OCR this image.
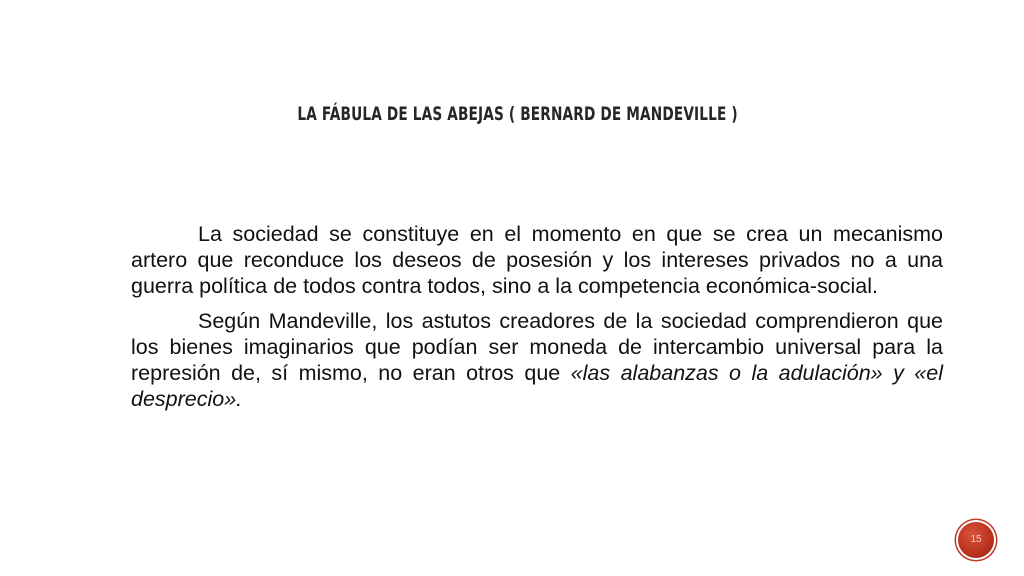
LA FÁBULA DE LAS ABEJAS ( BERNARD DE MANDEVILLE )

La sociedad se constituye en el momento en que se crea un mecanismo artero que reconduce los deseos de posesión y los intereses privados no a una guerra política de todos contra todos, sino a la competencia económica-social.

Según Mandeville, los astutos creadores de la sociedad comprendieron que los bienes imaginarios que podían ser moneda de intercambio universal para la represión de, sí mismo, no eran otros que «las alabanzas o la adulación» y «el desprecio».

15
